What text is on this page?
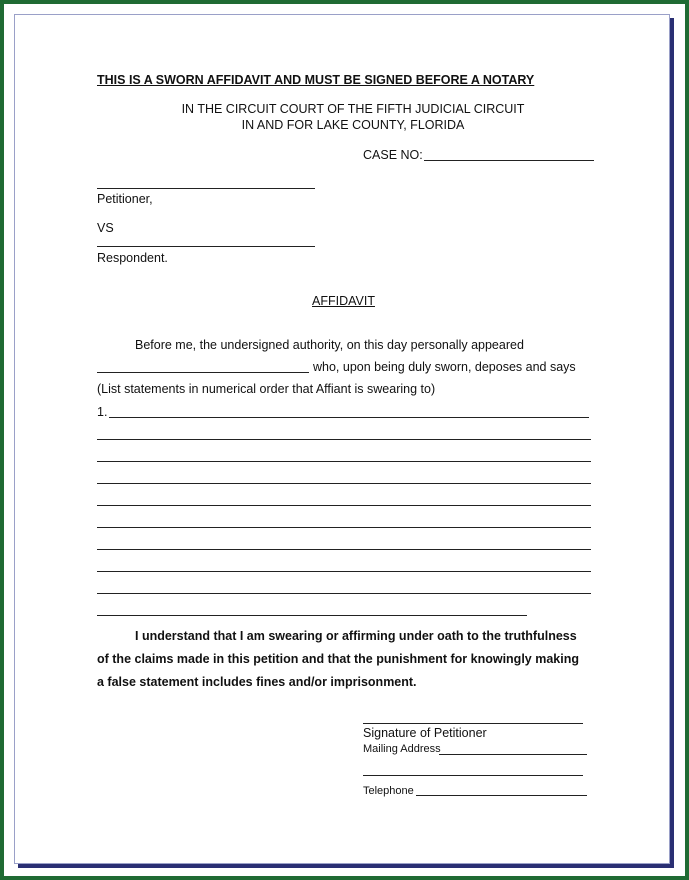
THIS IS A SWORN AFFIDAVIT AND MUST BE SIGNED BEFORE A NOTARY
IN THE CIRCUIT COURT OF THE FIFTH JUDICIAL CIRCUIT
IN AND FOR LAKE COUNTY, FLORIDA
CASE NO:
Petitioner,
VS
Respondent.
AFFIDAVIT
Before me, the undersigned authority, on this day personally appeared
who, upon being duly sworn, deposes and says
(List statements in numerical order that Affiant is swearing to)
1.
I understand that I am swearing or affirming under oath to the truthfulness
of the claims made in this petition and that the punishment for knowingly making
a false statement includes fines and/or imprisonment.
Signature of Petitioner
Mailing Address
Telephone
